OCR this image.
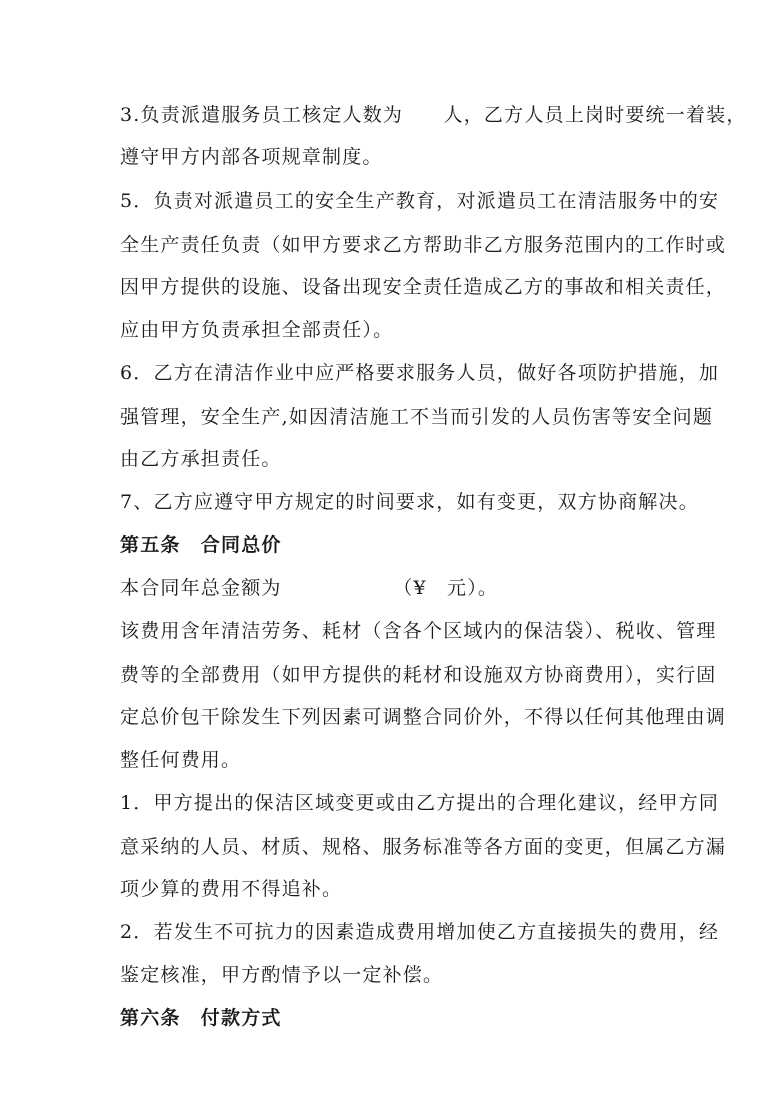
3.负责派遣服务员工核定人数为　　人，乙方人员上岗时要统一着装，
遵守甲方内部各项规章制度。
5．负责对派遣员工的安全生产教育，对派遣员工在清洁服务中的安
全生产责任负责（如甲方要求乙方帮助非乙方服务范围内的工作时或
因甲方提供的设施、设备出现安全责任造成乙方的事故和相关责任，
应由甲方负责承担全部责任）。
6．乙方在清洁作业中应严格要求服务人员，做好各项防护措施，加
强管理，安全生产,如因清洁施工不当而引发的人员伤害等安全问题
由乙方承担责任。
7、乙方应遵守甲方规定的时间要求，如有变更，双方协商解决。
第五条　合同总价
本合同年总金额为　　　　　　（¥　元）。
该费用含年清洁劳务、耗材（含各个区域内的保洁袋）、税收、管理
费等的全部费用（如甲方提供的耗材和设施双方协商费用），实行固
定总价包干除发生下列因素可调整合同价外，不得以任何其他理由调
整任何费用。
1．甲方提出的保洁区域变更或由乙方提出的合理化建议，经甲方同
意采纳的人员、材质、规格、服务标准等各方面的变更，但属乙方漏
项少算的费用不得追补。
2．若发生不可抗力的因素造成费用增加使乙方直接损失的费用，经
鉴定核准，甲方酌情予以一定补偿。
第六条　付款方式
